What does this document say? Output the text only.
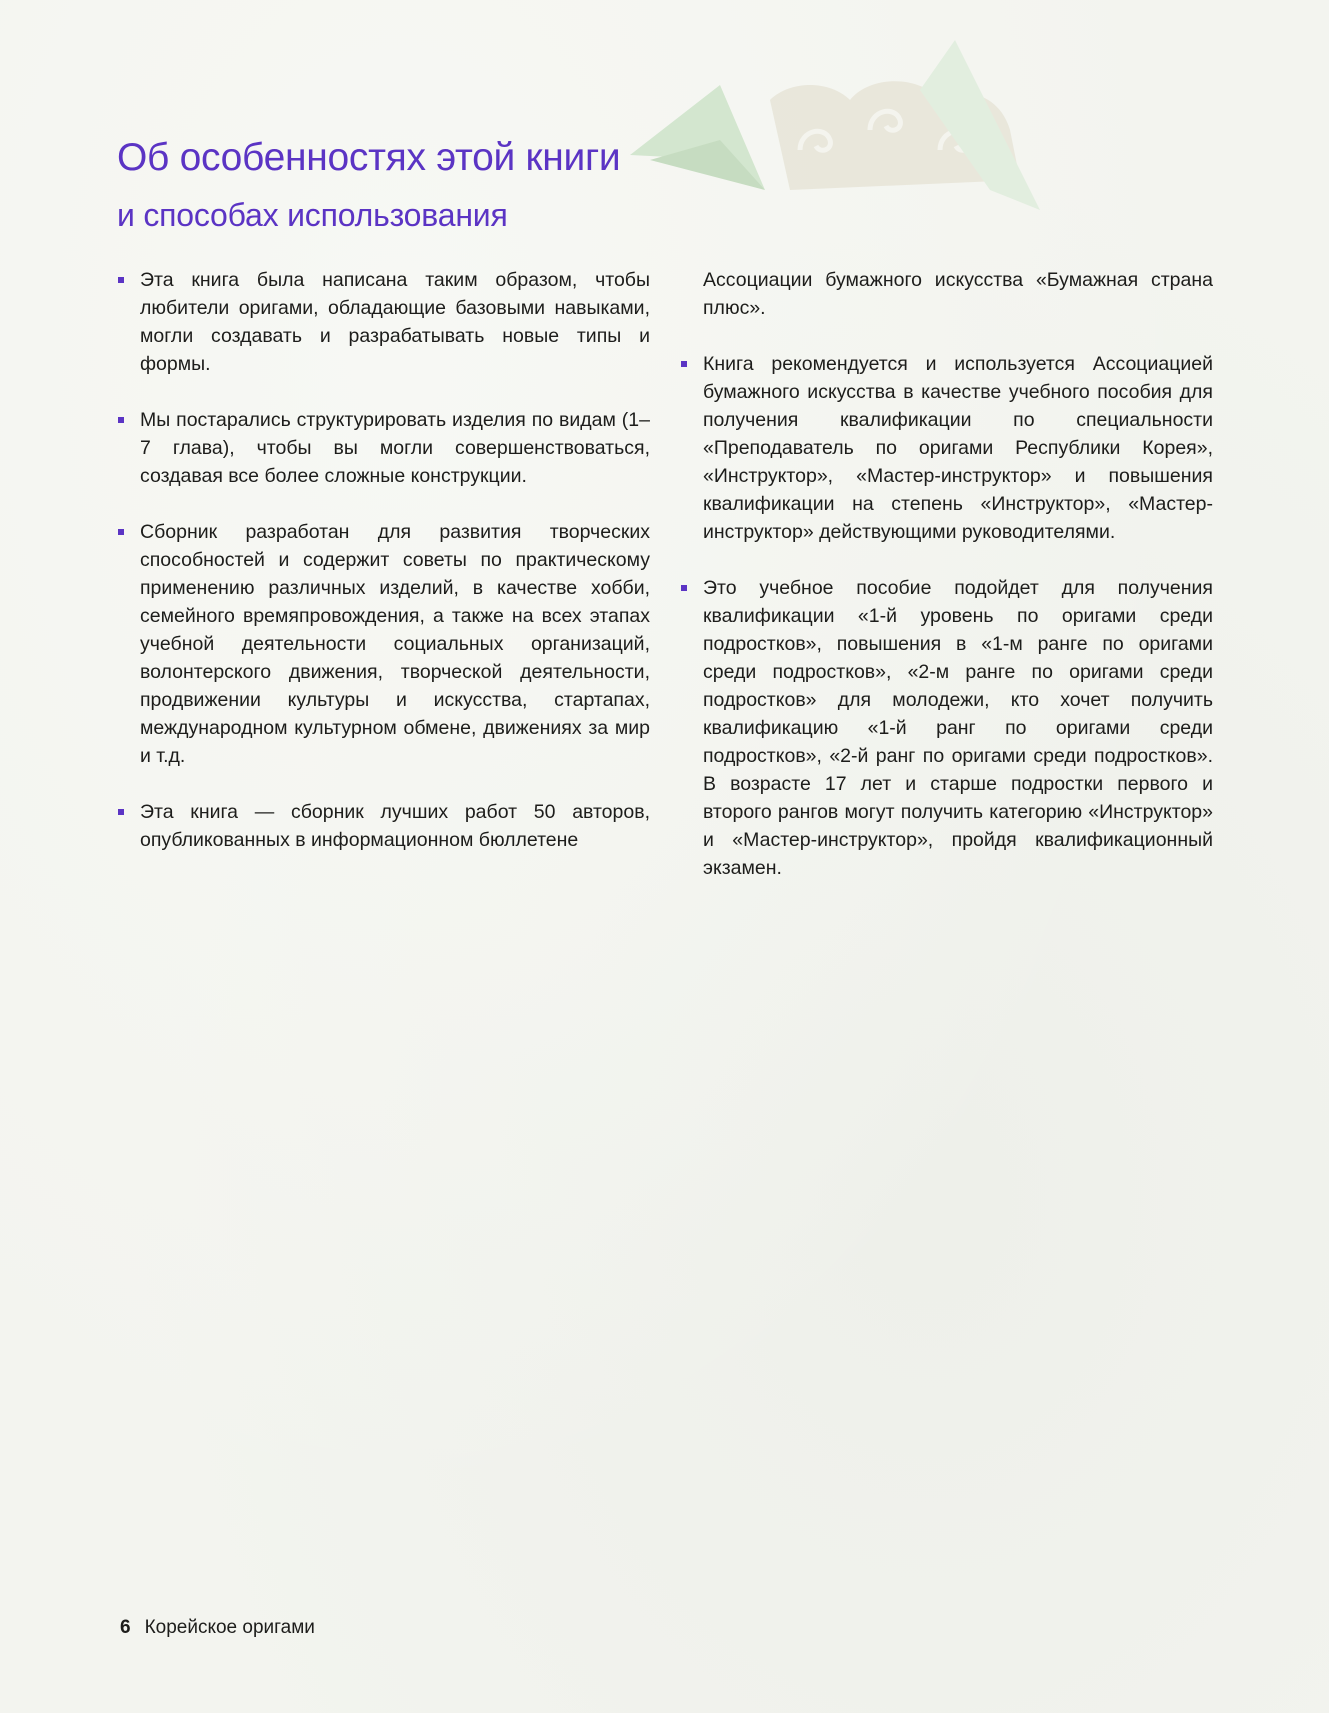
Об особенностях этой книги
и способах использования
Эта книга была написана таким образом, чтобы любители оригами, обладающие базовыми навыками, могли создавать и разрабатывать новые типы и формы.
Мы постарались структурировать изделия по видам (1–7 глава), чтобы вы могли совершенствоваться, создавая все более сложные конструкции.
Сборник разработан для развития творческих способностей и содержит советы по практическому применению различных изделий, в качестве хобби, семейного времяпровождения, а также на всех этапах учебной деятельности социальных организаций, волонтерского движения, творческой деятельности, продвижении культуры и искусства, стартапах, международном культурном обмене, движениях за мир и т.д.
Эта книга — сборник лучших работ 50 авторов, опубликованных в информационном бюллетене
Ассоциации бумажного искусства «Бумажная страна плюс».
Книга рекомендуется и используется Ассоциацией бумажного искусства в качестве учебного пособия для получения квалификации по специальности «Преподаватель по оригами Республики Корея», «Инструктор», «Мастер-инструктор» и повышения квалификации на степень «Инструктор», «Мастер-инструктор» действующими руководителями.
Это учебное пособие подойдет для получения квалификации «1-й уровень по оригами среди подростков», повышения в «1-м ранге по оригами среди подростков», «2-м ранге по оригами среди подростков» для молодежи, кто хочет получить квалификацию «1-й ранг по оригами среди подростков», «2-й ранг по оригами среди подростков». В возрасте 17 лет и старше подростки первого и второго рангов могут получить категорию «Инструктор» и «Мастер-инструктор», пройдя квалификационный экзамен.
6 Корейское оригами
